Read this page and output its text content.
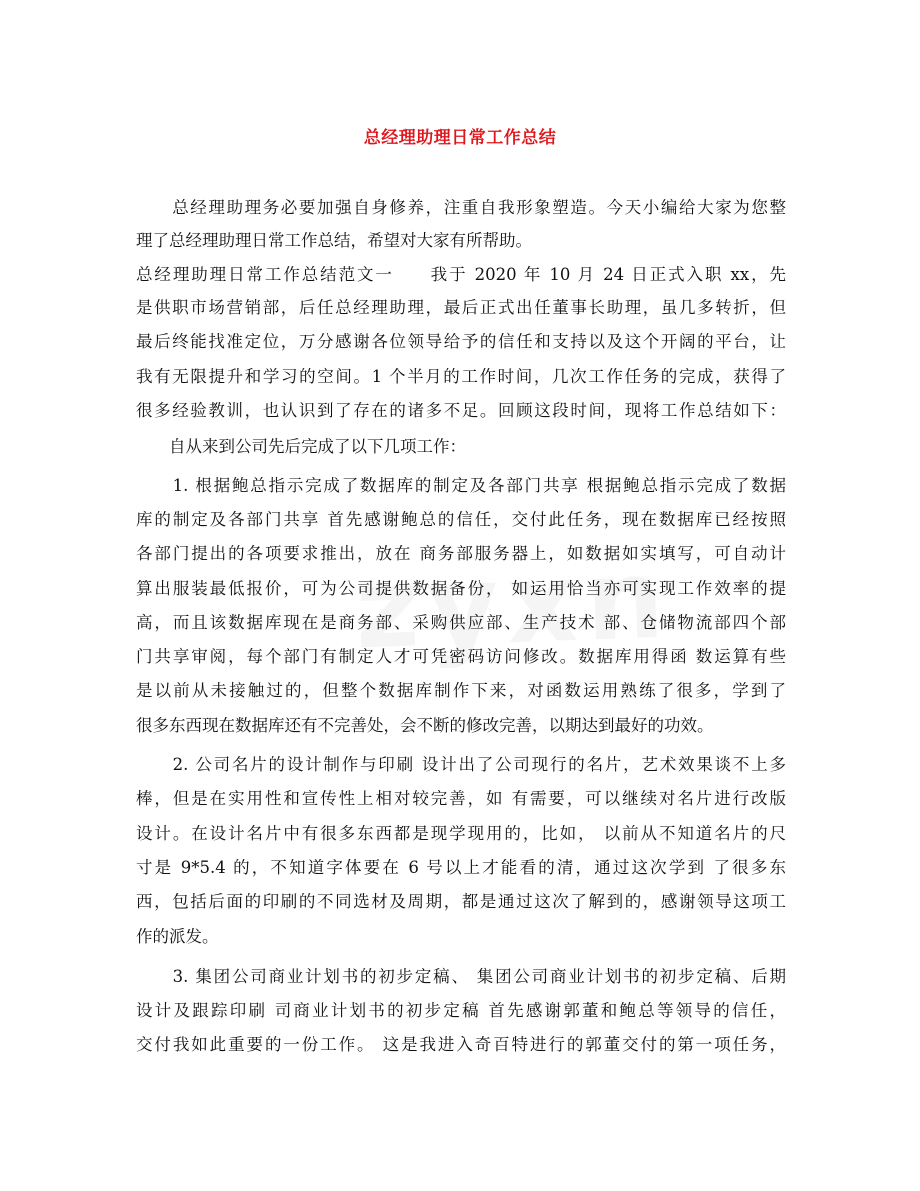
总经理助理日常工作总结
　　总经理助理务必要加强自身修养，注重自我形象塑造。今天小编给大家为您整
理了总经理助理日常工作总结，希望对大家有所帮助。
总经理助理日常工作总结范文一　　我于 2020 年 10 月 24 日正式入职 xx，先
是供职市场营销部，后任总经理助理，最后正式出任董事长助理，虽几多转折，但
最后终能找准定位，万分感谢各位领导给予的信任和支持以及这个开阔的平台，让
我有无限提升和学习的空间。1 个半月的工作时间，几次工作任务的完成，获得了
很多经验教训，也认识到了存在的诸多不足。回顾这段时间，现将工作总结如下：
　　自从来到公司先后完成了以下几项工作：
　　1. 根据鲍总指示完成了数据库的制定及各部门共享 根据鲍总指示完成了数据
库的制定及各部门共享 首先感谢鲍总的信任，交付此任务，现在数据库已经按照
各部门提出的各项要求推出，放在 商务部服务器上，如数据如实填写，可自动计
算出服装最低报价，可为公司提供数据备份， 如运用恰当亦可实现工作效率的提
高，而且该数据库现在是商务部、采购供应部、生产技术 部、仓储物流部四个部
门共享审阅，每个部门有制定人才可凭密码访问修改。数据库用得函 数运算有些
是以前从未接触过的，但整个数据库制作下来，对函数运用熟练了很多，学到了
很多东西现在数据库还有不完善处，会不断的修改完善，以期达到最好的功效。
　　2. 公司名片的设计制作与印刷 设计出了公司现行的名片，艺术效果谈不上多
棒，但是在实用性和宣传性上相对较完善，如 有需要，可以继续对名片进行改版
设计。在设计名片中有很多东西都是现学现用的，比如， 以前从不知道名片的尺
寸是 9*5.4 的，不知道字体要在 6 号以上才能看的清，通过这次学到 了很多东
西，包括后面的印刷的不同选材及周期，都是通过这次了解到的，感谢领导这项工
作的派发。
　　3. 集团公司商业计划书的初步定稿、 集团公司商业计划书的初步定稿、后期
设计及跟踪印刷 司商业计划书的初步定稿 首先感谢郭董和鲍总等领导的信任，
交付我如此重要的一份工作。 这是我进入奇百特进行的郭董交付的第一项任务，
